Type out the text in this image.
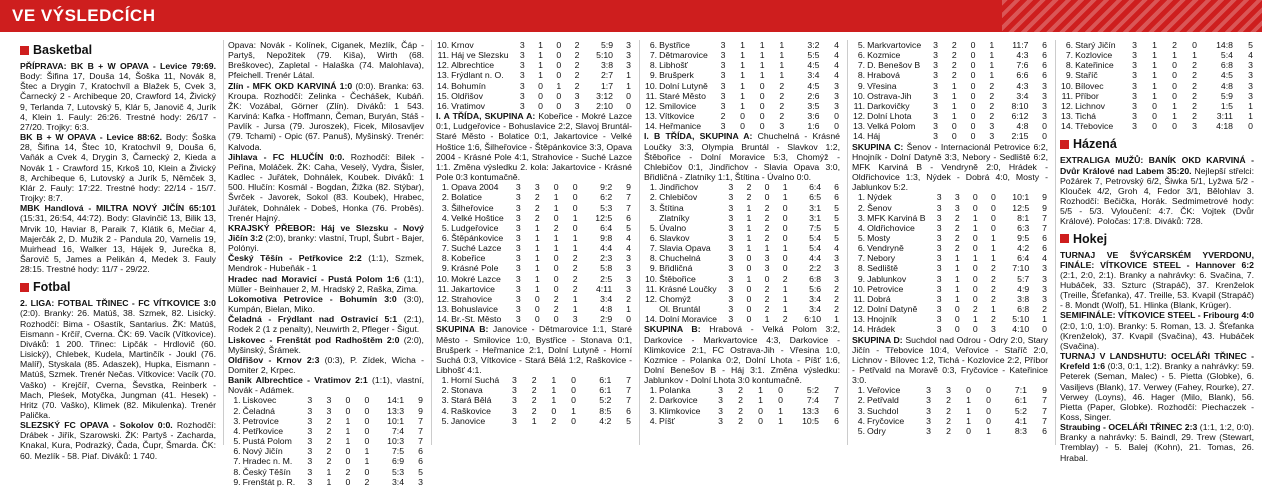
VE VÝSLEDCÍCH
Basketbal

PŘÍPRAVA: BK B + W OPAVA - Levice 79:69. Body: Šifina 17, Douša 14, Šoška 11, Novák 8, Štec a Drygin 7, Kratochvíl a Blažek 5, Cvek 3, Čarnecký 2 - Archibeque 20, Crawford 14, Živický 9, Terlanda 7, Lutovský 5, Klár 5, Janovič 4, Jurík 4, Klein 1. Fauly: 26:26. Trestné hody: 26/17 - 27/20. Trojky: 6:3.

BK B + W OPAVA - Levice 88:62. Body: Šoška 28, Šifina 14, Štec 10, Kratochvíl 9, Douša 6, Vaňák a Cvek 4, Drygin 3, Čarnecký 2, Kieda a Novák 1 - Crawford 15, Krkoš 10, Klein a Živický 8, Archibeque 6, Lutovský a Jurík 5, Němček 3, Klár 2. Fauly: 17:22. Trestné hody: 22/14 - 15/7. Trojky: 8:7.

MBK Handlová - MILTRA NOVÝ JIČÍN 65:101 (15:31, 26:54, 44:72). Body: Glavinčič 13, Bilik 13, Mrvik 10, Haviar 8, Paraik 7, Klátik 6, Mečiar 4, Majerčák 2, D. Mužik 2 - Pandula 20, Varnelis 19, Muirhead 16, Walker 13, Hájek 9, Jurečka 8, Šarovič 5, James a Pelikán 4, Medek 3. Fauly 28:15. Trestné hody: 11/7 - 29/22.

Fotbal

2. LIGA: FOTBAL TŘINEC - FC VÍTKOVICE 3:0 (2:0). Branky: 26. Matúš, 38. Szmek, 82. Lisický. Rozhodčí: Bima - Ošastík, Santarius. ŽK: Matúš, Eismann - Krčíř, Cverna. ČK: 69. Vacík (Vítkovice). Diváků: 1 200. Třinec: Lipčák - Hrdlovič (60. Lisický), Chlebek, Kudela, Martinčík - Joukl (76. Malíř), Styskala (85. Adaszek), Hupka, Eismann - Matúš, Szmek. Trenér Nečas. Vítkovice: Vacík (70. Vaško) - Krejčíř, Cverna, Ševstka, Reinberk - Mach, Pleśek, Motyčka, Jungman (41. Hesek) - Hritz (70. Vaško), Klimek (82. Mikulenka). Trenér Palička.

SLEZSKÝ FC OPAVA - Sokolov 0:0. Rozhodčí: Drábek - Jiřík, Szarowski. ŽK: Partyš - Zacharda, Knakal, Kura, Podrazký, Čada, Čupr, Šmarda. ČK: 60. Mezlík - 58. Piaf. Diváků: 1 740.

Opava: Novák - Kolínek, Ciganek, Mezlík, Čáp - Partyš, Nepožitek (79. Kiša), Wirth (68. Breškovec), Zapletal - Halaška (74. Malohlava), Pfeichell. Trenér Látal.

Zlín - MFK OKD KARVINÁ 1:0 (0:0). Branka: 63. Kroupa. Rozhodčí: Zelinka - Čechášek, Kubáň. ŽK: Vozábal, Görner (Zlín). Diváků: 1 543. Karviná: Kafka - Hoffmann, Čeman, Buryán, Stáš - Pavlík - Jursa (79. Juroszek), Ficek, Milosavljev (79. Tchami) - Opic (67. Panuš), Myšinský. Trenér: Kalvoda.

Jihlava - FC HLUČÍN 0:0. Rozhodčí: Bilek - Peřina, Moláček. ŽK: Caha, Veselý, Vydra, Šisler, Kadlec - Juřátek, Dohnálek, Koubek. Diváků: 1 500. Hlučín: Kosmál - Bogdan, Žižka (82. Stýbar), Švrček - Javorek, Sokol (83. Koubek), Hrabec, Juřátek, Dohnálek - Dobeš, Honka (76. Proběs). Trenér Hajný.

KRAJSKÝ PŘEBOR: Háj ve Slezsku - Nový Jičín 3:2 (2:0), branky: vlastní, Trupl, Šubrt - Bajer, Polónyi.

Český Těšín - Petřkovice 2:2 (1:1), Szmek, Mendrok - Hubeňák - 1

Hradec nad Moravicí - Pustá Polom 1:6 (1:1), Müller - Beinhauer 2, M. Hradský 2, Raška, Zima.

Lokomotiva Petrovice - Bohumín 3:0 (3:0), Kumpán, Bielan, Miko.

Čeladná - Frýdlant nad Ostravicí 5:1 (2:1), Rodek 2 (1 z penalty), Neuwirth 2, Pfleger - Šigut.

Liskovec - Frenštát pod Radhoštěm 2:0 (2:0), Myšinský, Šrámek.

Oldřišov - Krnov 2:3 (0:3), P. Zídek, Wicha - Domiter 2, Krpec.

Banik Albrechtice - Vratimov 2:1 (1:1), vlastní, Novák - Adámek.

1.	Liskovec	3	3	0	0	14:1	9
2.	Čeladná	3	3	0	0	13:3	9
3.	Petrovice	3	2	1	0	10:1	7
4.	Petřkovice	3	2	1	0	7:4	7
5.	Pustá Polom	3	2	1	0	10:3	7
6.	Nový Jičín	3	2	0	1	7:5	6
7.	Hradec n. M.	3	2	0	1	6:9	6
8.	Český Těšín	3	1	2	0	5:3	5
9.	Frenštát p. R.	3	1	0	2	3:4	3
10.	Krnov	3	1	0	2	5:9	3
11.	Háj ve Slezsku	3	1	0	2	5:10	3
12.	Albrechtice	3	1	0	2	3:8	3
13.	Frýdlant n. O.	3	1	0	2	2:7	1
14.	Bohumín	3	0	1	2	1:7	1
15.	Oldřišov	3	0	0	3	3:12	0
16.	Vratimov	3	0	0	3	2:10	0

I. A TŘÍDA, SKUPINA A: Kobeřice - Mokré Lazce 0:1, Ludgeřovice - Bohuslavice 2:2, Slavoj Bruntál-Staré Město - Bolatice 0:1, Jakartovice - Velké Hoštice 1:6, Šilheřovice - Štěpánkovice 3:3, Opava 2004 - Krásné Pole 4:1, Strahovice - Suché Lazce 1:1. Změna výsledku 2. kola: Jakartovice - Krásné Pole 0:3 kontumačně.

1.	Opava 2004	3	3	0	0	9:2	9
2.	Bolatice	3	2	1	0	6:2	7
3.	Šilheřovice	3	2	1	0	5:3	7
4.	Velké Hoštice	3	2	0	1	12:5	6
5.	Ludgeřovice	3	1	2	0	6:4	5
6.	Štěpánkovice	3	1	1	1	9:8	4
7.	Suché Lazce	3	1	1	1	4:4	4
8.	Kobeřice	3	1	0	2	2:3	3
9.	Krásné Pole	3	1	0	2	5:8	3
10.	Mokré Lazce	3	1	0	2	2:5	3
11.	Jakartovice	3	1	0	2	4:11	3
12.	Strahovice	3	0	2	1	3:4	2
13.	Bohuslavice	3	0	2	1	4:8	1
14.	Br.-St. Město	3	0	0	3	2:9	0

SKUPINA B: Janovice - Dětmarovice 1:1, Staré Město - Smilovice 1:0, Bystřice - Stonava 0:1, Brušperk - Heřmanice 2:1, Dolní Lutyně - Horní Suchá 0:3, Vítkovice - Stará Bělá 1:2, Raškovice - Libhošť 4:1.

1.	Horní Suchá	3	2	1	0	6:1	7
2.	Stonava	3	2	1	0	6:1	7
3.	Stará Bělá	3	2	1	0	5:2	7
4.	Raškovice	3	2	0	1	8:5	6
5.	Janovice	3	1	2	0	4:2	5
6.	Bystřice	3	1	1	1	3:2	4
7.	Dětmarovice	3	1	1	1	5:5	4
8.	Libhošť	3	1	1	1	4:5	4
9.	Brušperk	3	1	1	1	3:4	4
10.	Dolní Lutyně	3	1	0	2	4:5	3
11.	Staré Město	3	1	0	2	2:6	3
12.	Smilovice	3	1	0	2	3:5	3
13.	Vítkovice	2	0	0	2	3:6	0
14.	Heřmanice	3	0	0	3	1:6	0

I. B TŘÍDA, SKUPINA A: Chuchelná - Krásné Loučky 3:3, Olympia Bruntál - Slavkov 1:2, Štěbořice - Dolní Moravice 5:3, Chomýž - Chlebičov 0:1, Jindřichov - Slavia Opava 3:0, Břidličná - Zlatníky 1:1, Štítina - Úvalno 0:0.

1.	Jindřichov	3	2	0	1	6:4	6
2.	Chlebičov	3	2	0	1	6:5	6
3.	Štítina	3	1	2	0	3:1	5
	Zlatníky	3	1	2	0	3:1	5
5.	Úvalno	3	1	2	0	7:5	5
6.	Slavkov	3	1	2	0	5:4	5
7.	Slavia Opava	3	1	1	1	5:4	4
8.	Chuchelná	3	0	3	0	4:4	3
9.	Břidličná	3	0	3	0	2:2	3
10.	Štěbořice	3	1	0	2	6:8	3
11.	Krásné Loučky	3	0	2	1	5:6	2
12.	Chomýž	3	0	2	1	3:4	2
	Ol. Bruntál	3	0	2	1	3:4	2
14.	Dolní Moravice	3	0	1	2	6:10	1

SKUPINA B: Hrabová - Velká Polom 3:2, Darkovice - Markvartovice 4:3, Darkovice - Klimkovice 2:1, FC Ostrava-Jih - Vřesina 1:0, Kozmice - Polanka 0:2, Dolní Lhota - Píšť 1:6, Dolní Benešov B - Háj 3:1. Změna výsledku: Jablunkov - Dolní Lhota 3:0 kontumačně.

1.	Polanka	3	2	1	0	5:2	7
2.	Darkovice	3	2	1	0	7:4	7
3.	Klimkovice	3	2	0	1	13:3	6
4.	Píšť	3	2	0	1	10:5	6
5.	Markvartovice	3	2	0	1	11:7	6
6.	Kozmice	3	2	0	1	4:3	6
7.	D. Benešov B	3	2	0	1	7:6	6
8.	Hrabová	3	2	0	1	6:6	6
9.	Vřesina	3	1	0	2	4:3	3
10.	Ostrava-Jih	3	1	0	2	3:4	3
11.	Darkovičky	3	1	0	2	8:10	3
12.	Dolní Lhota	3	1	0	2	6:12	3
13.	Velká Polom	3	0	0	3	4:8	0
14.	Háj	3	0	0	3	2:15	0

SKUPINA C: Šenov - Internacionál Petrovice 6:2, Hnojník - Dolní Datyně 3:3, Nebory - Sedliště 6:2, MFK Karviná B - Vendryně 2:0, Hrádek - Oldřichovice 1:3, Nýdek - Dobrá 4:0, Mosty - Jablunkov 5:2.

1.	Nýdek	3	3	0	0	10:1	9
2.	Šenov	3	3	0	0	12:5	9
3.	MFK Karviná B	3	2	1	0	8:1	7
4.	Oldřichovice	3	2	1	0	6:3	7
5.	Mosty	3	2	0	1	9:5	6
6.	Vendryně	3	2	0	1	4:2	6
7.	Nebory	3	1	1	1	6:4	4
8.	Sedliště	3	1	0	2	7:10	3
9.	Jablunkov	3	1	0	2	5:7	3
10.	Petrovice	3	1	0	2	4:9	3
11.	Dobrá	3	1	0	2	3:8	3
12.	Dolní Datyně	3	0	2	1	6:8	2
13.	Hnojník	3	0	1	2	5:10	1
14.	Hrádek	3	0	0	3	4:10	0

SKUPINA D: Suchdol nad Odrou - Odry 2:0, Stary Jičín - Třebovice 10:4, Veřovice - Staříč 2:0, Lichnov - Bílovec 1:2, Tichá - Kozlovice 2:2, Příbor - Petřvald na Moravě 0:3, Fryčovice - Kateřinice 3:0.

1.	Veřovice	3	3	0	0	7:1	9
2.	Petřvald	3	2	1	0	6:1	7
3.	Suchdol	3	2	1	0	5:2	7
4.	Fryčovice	3	2	1	0	4:1	7
5.	Odry	3	2	0	1	8:3	6
6.	Starý Jičín	3	1	2	0	14:8	5
7.	Kozlovice	3	1	1	1	5:4	4
8.	Kateřinice	3	1	0	2	6:8	3
9.	Staříč	3	1	0	2	4:5	3
10.	Bílovec	3	1	0	2	4:8	3
11.	Příbor	3	1	0	2	5:9	3
12.	Lichnov	3	0	1	2	1:5	1
13.	Tichá	3	0	1	2	3:11	1
14.	Třebovice	3	0	0	3	4:18	0
Házená

EXTRALIGA MUŽŮ: BANÍK OKD KARVINÁ - Dvůr Králové nad Labem 35:20. Nejlepší střelci: Požárek 7, Petrovský 6/2, Šiwka 5/1, Lyžwa 5/2 - Klouček 4/2, Groh 4, Fedor 3/1, Bělohlav 3. Rozhodčí: Bečička, Horák. Sedmimetrové hody: 5/5 - 5/3. Vyloučení: 4:7. ČK: Vojtek (Dvůr Králové). Poločas: 17:8. Diváků: 728.

Hokej

TURNAJ VE ŠVÝCARSKÉM YVERDONU, FINÁLE: VÍTKOVICE STEEL - Hannover 6:2 (2:1, 2:0, 2:1). Branky a nahrávky: 6. Svačina, 7. Hubáček, 33. Szturc (Strapáč), 37. Krenželok (Treille, Šťefanka), 47. Treille, 53. Kvapil (Strapáč) - 8. Mondt (Wolf), 51. Hlinka (Blank, Krüger).

SEMIFINÁLE: VÍTKOVICE STEEL - Fribourg 4:0 (2:0, 1:0, 1:0). Branky: 5. Roman, 13. J. Šťefanka (Krenželok), 37. Kvapil (Svačina), 43. Hubáček (Svačina).

TURNAJ V LANDSHUTU: OCELÁŘI TŘINEC - Krefeld 1:6 (0:3, 0:1, 1:2). Branky a nahrávky: 59. Peterek (Seman, Malec) - 5. Pietta (Globke), 6. Vasiljevs (Blank), 17. Verwey (Fahey, Rourke), 27. Verwey (Loyns), 46. Hager (Milo, Blank), 56. Pietta (Paper, Globke). Rozhodčí: Piechaczek - Koss, Singer.

Straubing - OCELÁŘI TŘINEC 2:3 (1:1, 1:2, 0:0). Branky a nahrávky: 5. Baindl, 29. Trew (Stewart, Tremblay) - 5. Balej (Kohn), 21. Tomas, 26. Hrabal.
